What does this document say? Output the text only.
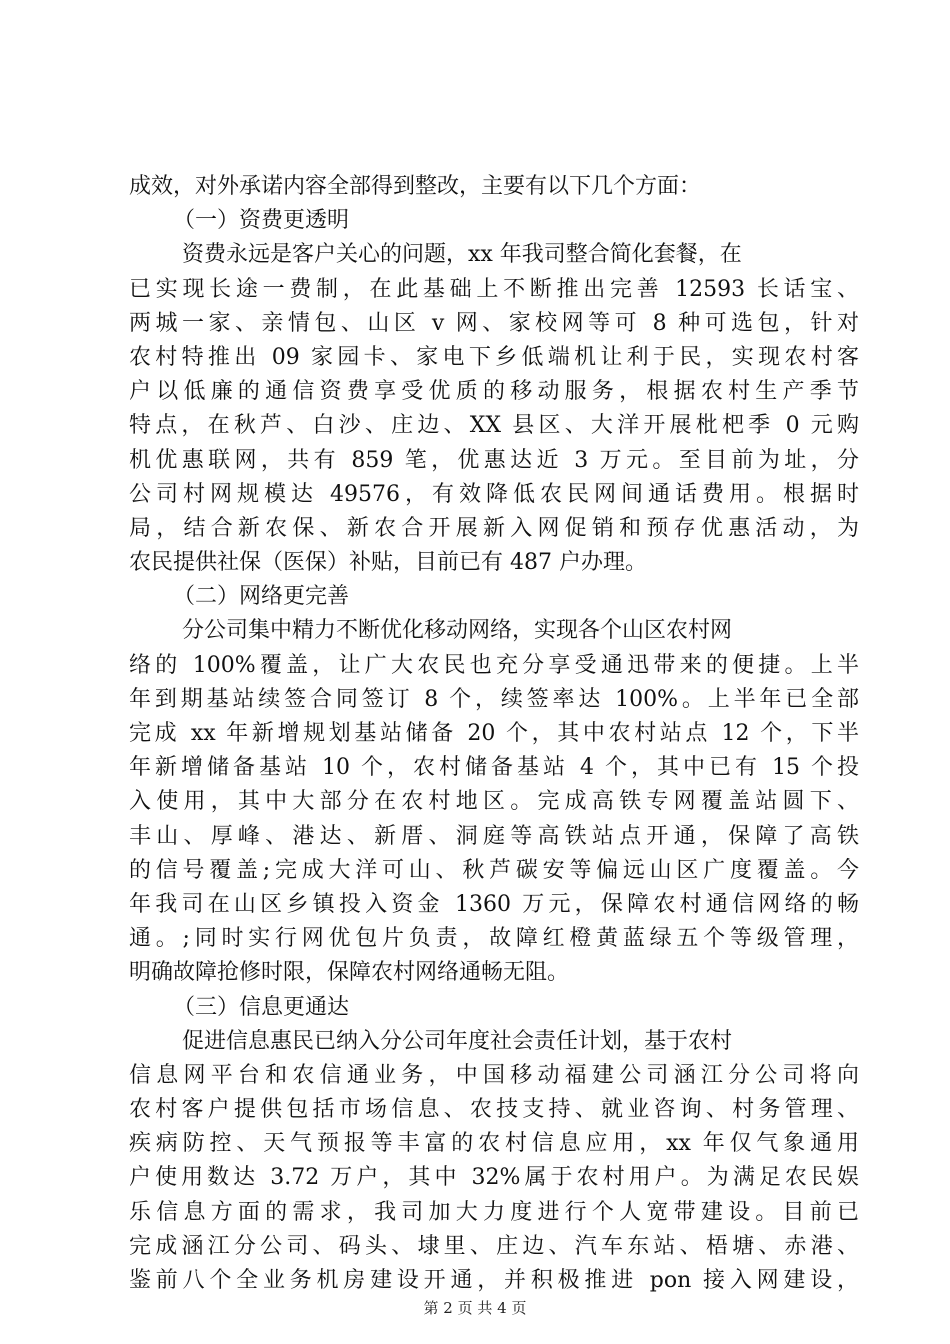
成效，对外承诺内容全部得到整改，主要有以下几个方面：
（一）资费更透明
资费永远是客户关心的问题，xx 年我司整合简化套餐，在
已实现长途一费制，在此基础上不断推出完善 12593 长话宝、
两城一家、亲情包、山区 v 网、家校网等可 8 种可选包，针对
农村特推出 09 家园卡、家电下乡低端机让利于民，实现农村客
户以低廉的通信资费享受优质的移动服务，根据农村生产季节
特点，在秋芦、白沙、庄边、XX 县区、大洋开展枇杷季 0 元购
机优惠联网，共有 859 笔，优惠达近 3 万元。至目前为址，分
公司村网规模达 49576，有效降低农民网间通话费用。根据时
局，结合新农保、新农合开展新入网促销和预存优惠活动，为
农民提供社保（医保）补贴，目前已有 487 户办理。
（二）网络更完善
分公司集中精力不断优化移动网络，实现各个山区农村网
络的 100%覆盖，让广大农民也充分享受通迅带来的便捷。上半
年到期基站续签合同签订 8 个，续签率达 100%。上半年已全部
完成 xx 年新增规划基站储备 20 个，其中农村站点 12 个，下半
年新增储备基站 10 个，农村储备基站 4 个，其中已有 15 个投
入使用，其中大部分在农村地区。完成高铁专网覆盖站圆下、
丰山、厚峰、港达、新厝、洞庭等高铁站点开通，保障了高铁
的信号覆盖;完成大洋可山、秋芦碳安等偏远山区广度覆盖。今
年我司在山区乡镇投入资金 1360 万元，保障农村通信网络的畅
通。;同时实行网优包片负责，故障红橙黄蓝绿五个等级管理，
明确故障抢修时限，保障农村网络通畅无阻。
（三）信息更通达
促进信息惠民已纳入分公司年度社会责任计划，基于农村
信息网平台和农信通业务，中国移动福建公司涵江分公司将向
农村客户提供包括市场信息、农技支持、就业咨询、村务管理、
疾病防控、天气预报等丰富的农村信息应用，xx 年仅气象通用
户使用数达 3.72 万户，其中 32%属于农村用户。为满足农民娱
乐信息方面的需求，我司加大力度进行个人宽带建设。目前已
完成涵江分公司、码头、埭里、庄边、汽车东站、梧塘、赤港、
鉴前八个全业务机房建设开通，并积极推进 pon 接入网建设，
第 2 页 共 4 页
